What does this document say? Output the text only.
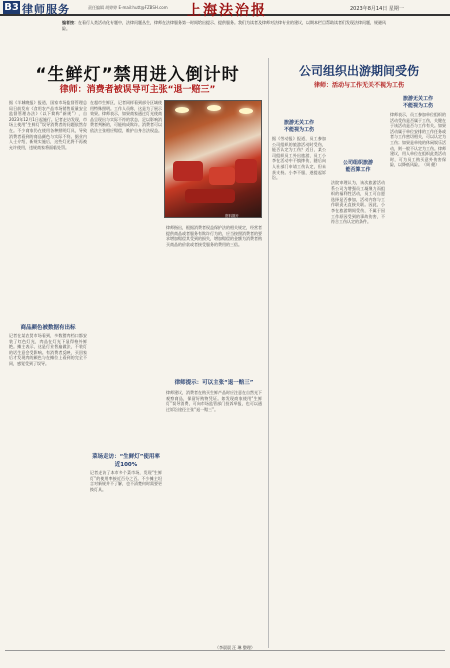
B3 律师服务	责任编辑 胡婷婷 E-mail:hutt@FZBSH.com 上海法治报	2023年8月14日 星期一
编者按：在看行人类活动化专题中，法律问题丛生，律师在法律服务第一时间给出提示、提供服务。我们为读者及律师对法律专业的建议，以期本栏目帮助读者们发现法律问题，规避风险。
“生鲜灯”禁用进入倒计时
律师：消费者被误导可主张“退一赔三”
资料图片

据《羊城晚报》报道，国家市场监督管理总局日前发布《食用农产品市场销售质量安全监督管理办法》（以下简称“新规”），自2023年12月1日起施行。记者走访发现，市场上使用“生鲜灯”误导消费者的问题依然存在。不少商家仍在使用各种照明灯具，导致消费者看到的商品颜色与实际不符。据业内人士介绍，新规实施后，这些灯光将不再被允许使用，违规商家将面临处罚。

商品颜色被数据有出标

记者在某农贸市场看到，多数猪肉档口都安装了红色灯光，肉品在灯光下显得格外鲜艳。摊主表示，这是行业普遍做法，不装灯的话生意会受影响。有消费者反映，买回家后才发现肉的颜色与在摊位上看到的完全不同，感觉受到了误导。

在超市生鲜区，记者同样看到部分区域使用特殊照明。工作人员称，这是为了展示效果。律师表示，如果商家通过灯光使商品呈现出与实际不符的状态，足以影响消费者判断的，可能构成欺诈。消费者可以依法主张相应赔偿，维护自身合法权益。

菜场走访：“生鲜灯”使用率近100%

记者走访了本市多个菜市场，发现“生鲜灯”的使用率接近百分之百。不少摊主坦言对新规并不了解，也不清楚何时需要更换灯具。

律师指出，根据消费者权益保护法的相关规定，经营者提供商品或者服务有欺诈行为的，应当按照消费者的要求增加赔偿其受到的损失，增加赔偿的金额为消费者购买商品的价款或者接受服务的费用的三倍。

律师提示：可以主张“退一赔三”

律师建议，消费者在购买生鲜产品时应注意在自然光下观察商品，保留好购物凭证。如发现商家使用“生鲜灯”误导消费，可向市场监管部门投诉举报，也可以通过诉讼途径主张“退一赔三”。

（李晨晨 汪 琳 整理）
公司组织出游期间受伤
律师：活动与工作无关不视为工伤

据《劳动报》报道，员工参加公司组织的旅游活动时受伤，能否认定为工伤？近日，某公司组织员工外出旅游，员工小李在活动中不慎摔伤，随后向人社部门申请工伤认定，但未获支持。小李不服，遂提起诉讼。

法院审理认为，该次旅游活动系公司为增强员工凝聚力而组织的福利性活动，员工可自愿选择是否参加，活动内容与工作职责无直接关联。因此，小李在旅游期间受伤，不属于因工作原因受到的事故伤害，不符合工伤认定的条件。

律师表示，员工参加单位组织的活动受伤是否属于工伤，关键在于该活动是否与工作有关。如果活动属于单位安排的工作任务或者与工作密切相关，可以认定为工伤；如果是单纯的休闲娱乐活动，则一般不认定为工伤。律师建议，用人单位在组织此类活动时，可为员工购买意外伤害保险，以降低风险。（周 健）

旅游无关工作
不能视为工伤
公司组织旅游
能否算工作
旅游无关工作
不能视为工伤
